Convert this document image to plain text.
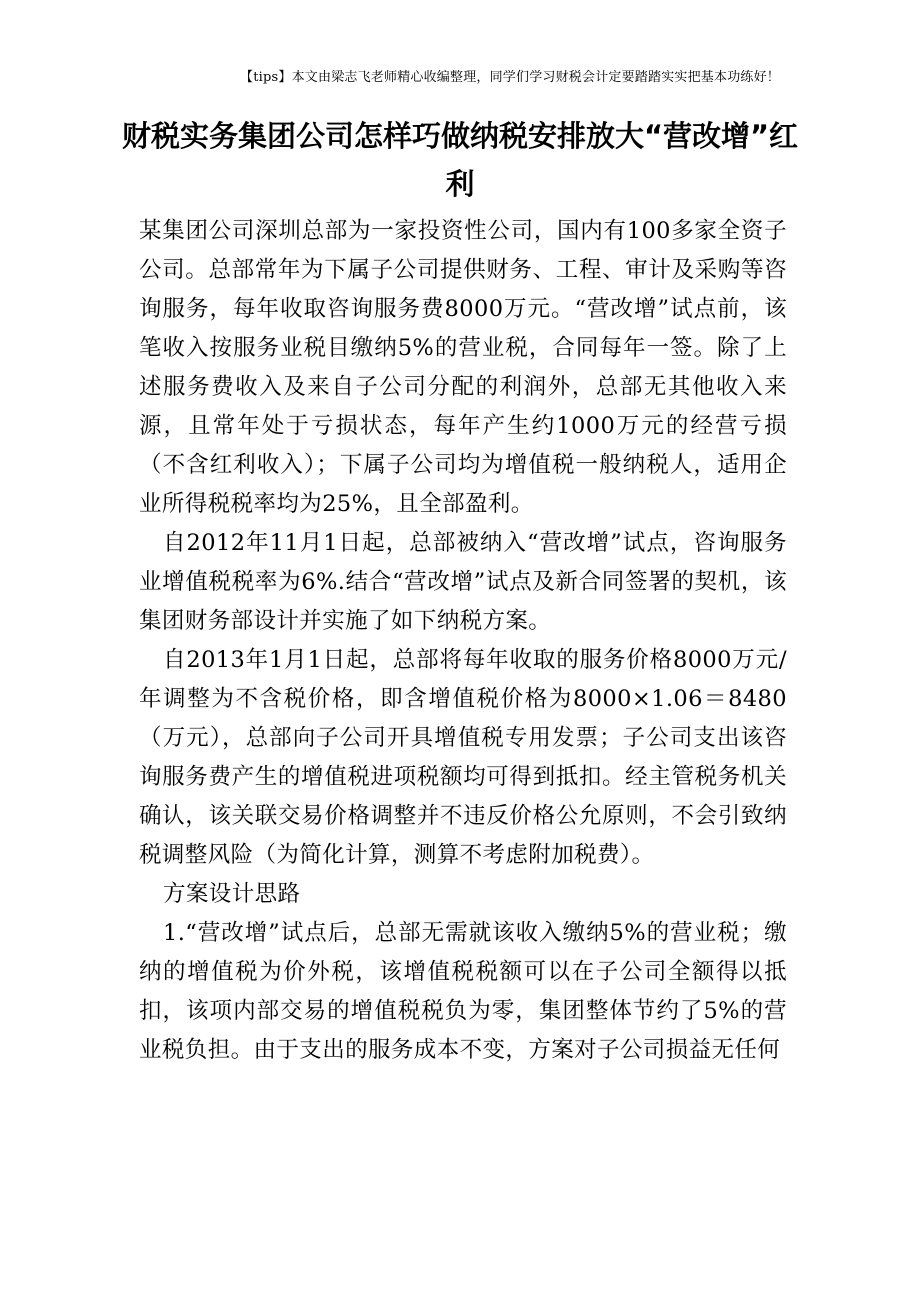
【tips】本文由梁志飞老师精心收编整理，同学们学习财税会计定要踏踏实实把基本功练好！
财税实务集团公司怎样巧做纳税安排放大“营改增”红利

某集团公司深圳总部为一家投资性公司，国内有100多家全资子公司。总部常年为下属子公司提供财务、工程、审计及采购等咨询服务，每年收取咨询服务费8000万元。“营改增”试点前，该笔收入按服务业税目缴纳5%的营业税，合同每年一签。除了上述服务费收入及来自子公司分配的利润外，总部无其他收入来源，且常年处于亏损状态，每年产生约1000万元的经营亏损（不含红利收入）；下属子公司均为增值税一般纳税人，适用企业所得税税率均为25%，且全部盈利。

自2012年11月1日起，总部被纳入“营改增”试点，咨询服务业增值税税率为6%.结合“营改增”试点及新合同签署的契机，该集团财务部设计并实施了如下纳税方案。

自2013年1月1日起，总部将每年收取的服务价格8000万元/年调整为不含税价格，即含增值税价格为8000×1.06＝8480（万元），总部向子公司开具增值税专用发票；子公司支出该咨询服务费产生的增值税进项税额均可得到抵扣。经主管税务机关确认，该关联交易价格调整并不违反价格公允原则，不会引致纳税调整风险（为简化计算，测算不考虑附加税费）。

方案设计思路

1.“营改增”试点后，总部无需就该收入缴纳5%的营业税；缴纳的增值税为价外税，该增值税税额可以在子公司全额得以抵扣，该项内部交易的增值税税负为零，集团整体节约了5%的营业税负担。由于支出的服务成本不变，方案对子公司损益无任何
